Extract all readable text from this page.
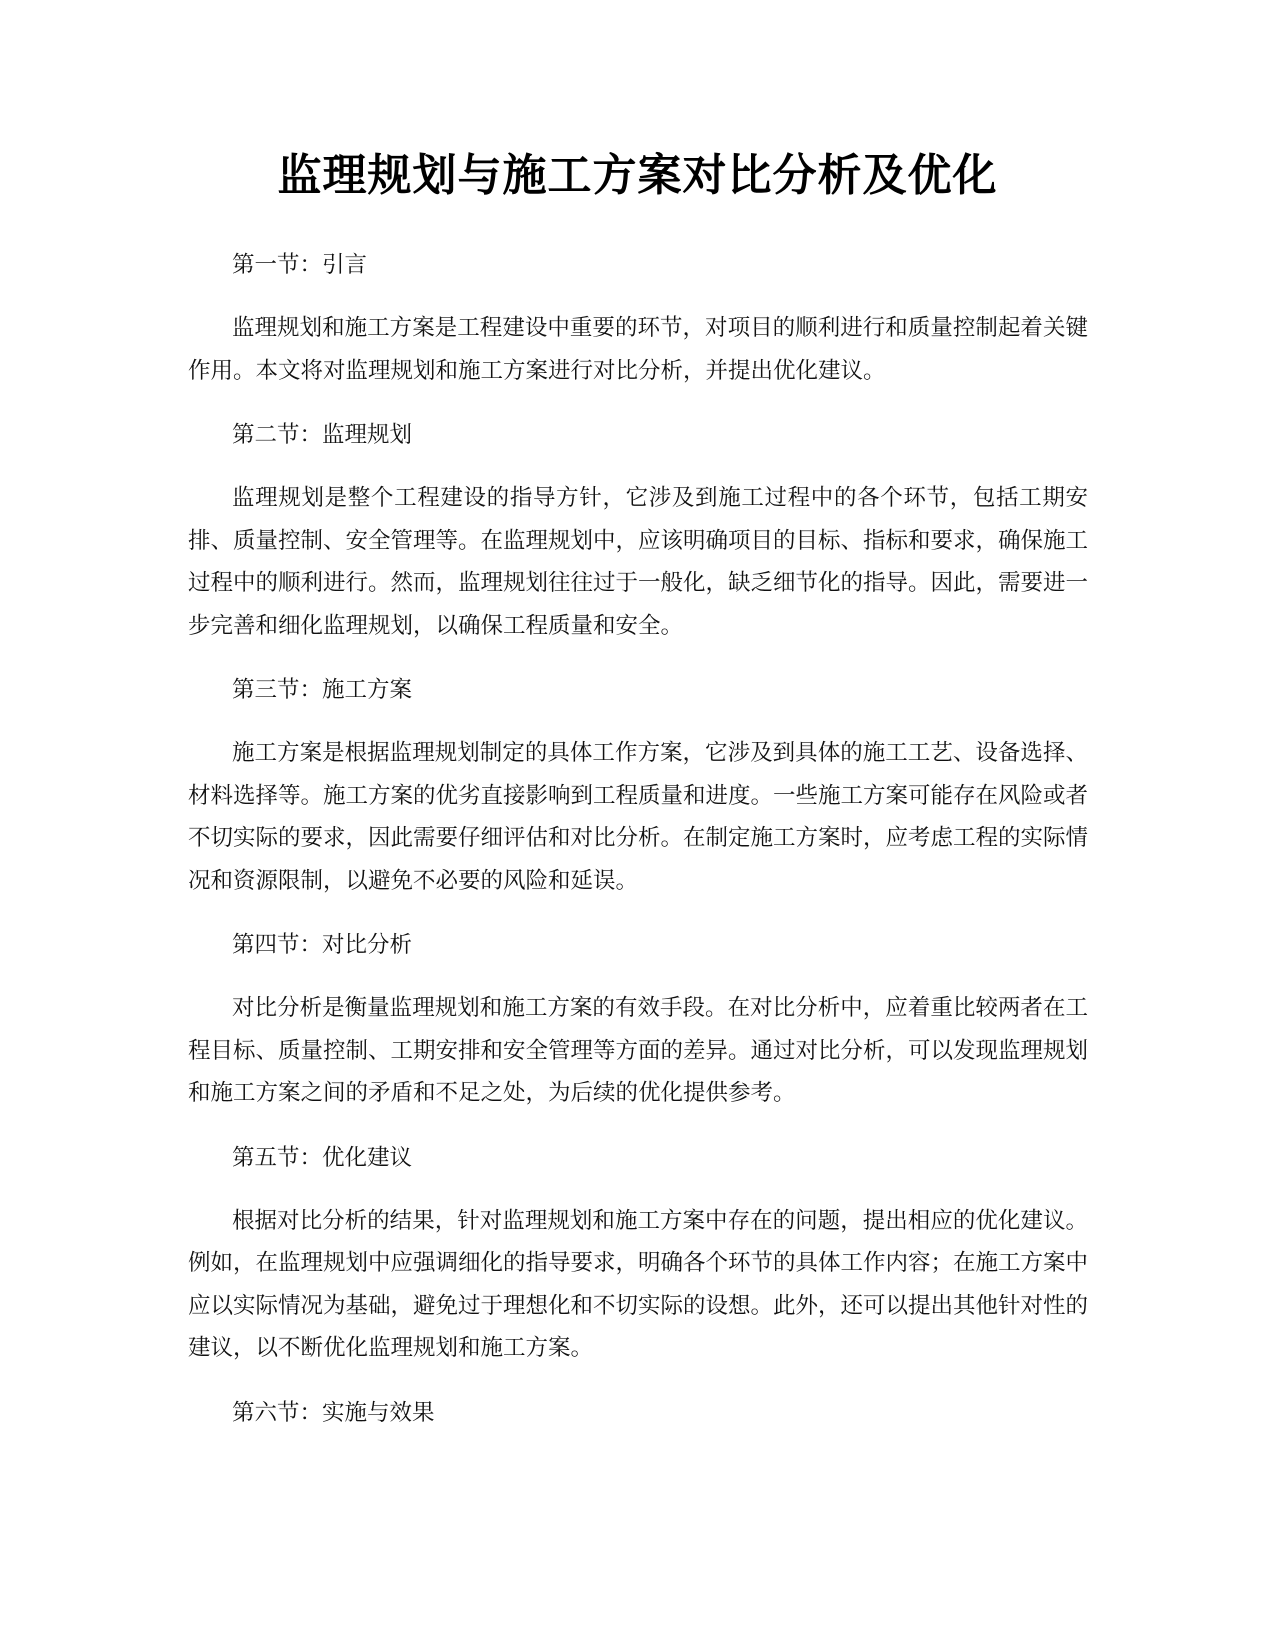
监理规划与施工方案对比分析及优化
第一节：引言

监理规划和施工方案是工程建设中重要的环节，对项目的顺利进行和质量控制起着关键作用。本文将对监理规划和施工方案进行对比分析，并提出优化建议。

第二节：监理规划

监理规划是整个工程建设的指导方针，它涉及到施工过程中的各个环节，包括工期安排、质量控制、安全管理等。在监理规划中，应该明确项目的目标、指标和要求，确保施工过程中的顺利进行。然而，监理规划往往过于一般化，缺乏细节化的指导。因此，需要进一步完善和细化监理规划，以确保工程质量和安全。

第三节：施工方案

施工方案是根据监理规划制定的具体工作方案，它涉及到具体的施工工艺、设备选择、材料选择等。施工方案的优劣直接影响到工程质量和进度。一些施工方案可能存在风险或者不切实际的要求，因此需要仔细评估和对比分析。在制定施工方案时，应考虑工程的实际情况和资源限制，以避免不必要的风险和延误。

第四节：对比分析

对比分析是衡量监理规划和施工方案的有效手段。在对比分析中，应着重比较两者在工程目标、质量控制、工期安排和安全管理等方面的差异。通过对比分析，可以发现监理规划和施工方案之间的矛盾和不足之处，为后续的优化提供参考。

第五节：优化建议

根据对比分析的结果，针对监理规划和施工方案中存在的问题，提出相应的优化建议。例如，在监理规划中应强调细化的指导要求，明确各个环节的具体工作内容；在施工方案中应以实际情况为基础，避免过于理想化和不切实际的设想。此外，还可以提出其他针对性的建议，以不断优化监理规划和施工方案。

第六节：实施与效果
